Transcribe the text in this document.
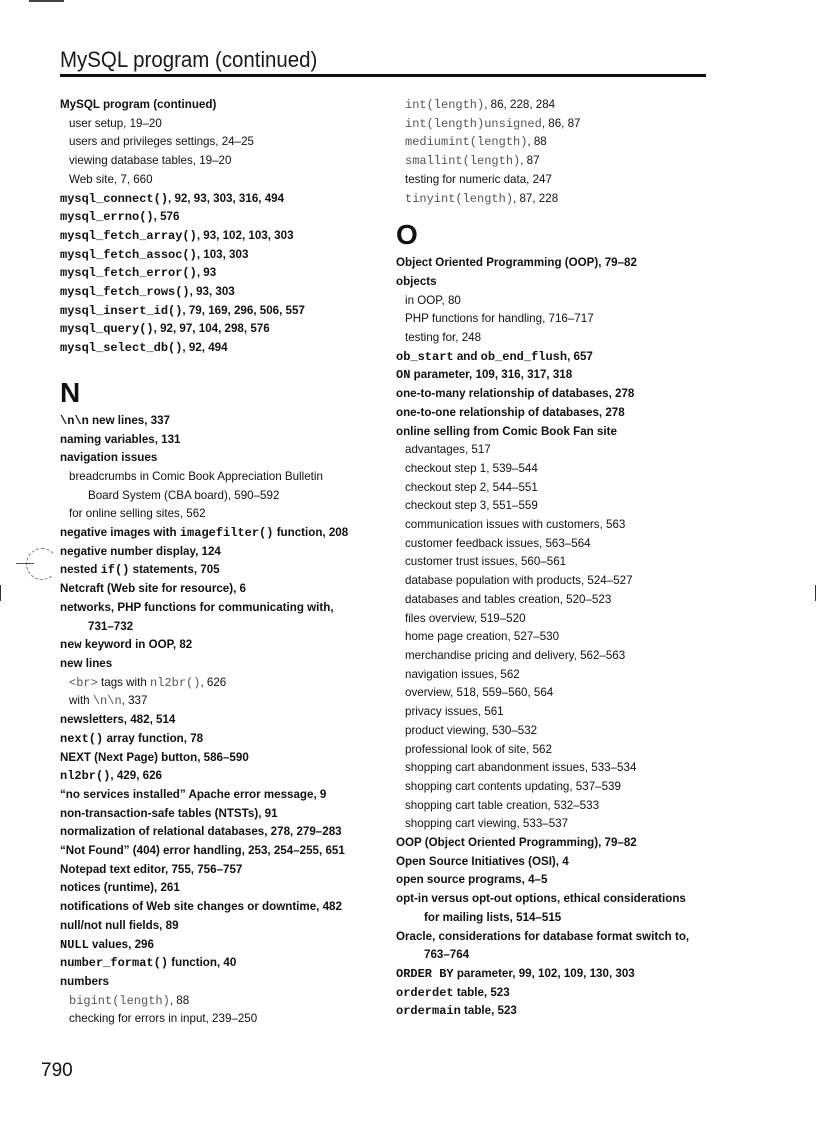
MySQL program (continued)
MySQL program (continued)
user setup, 19–20
users and privileges settings, 24–25
viewing database tables, 19–20
Web site, 7, 660
mysql_connect(), 92, 93, 303, 316, 494
mysql_errno(), 576
mysql_fetch_array(), 93, 102, 103, 303
mysql_fetch_assoc(), 103, 303
mysql_fetch_error(), 93
mysql_fetch_rows(), 93, 303
mysql_insert_id(), 79, 169, 296, 506, 557
mysql_query(), 92, 97, 104, 298, 576
mysql_select_db(), 92, 494
N
\n\n new lines, 337
naming variables, 131
navigation issues
breadcrumbs in Comic Book Appreciation Bulletin
Board System (CBA board), 590–592
for online selling sites, 562
negative images with imagefilter() function, 208
negative number display, 124
nested if() statements, 705
Netcraft (Web site for resource), 6
networks, PHP functions for communicating with,
731–732
new keyword in OOP, 82
new lines
<br> tags with nl2br(), 626
with \n\n, 337
newsletters, 482, 514
next() array function, 78
NEXT (Next Page) button, 586–590
nl2br(), 429, 626
“no services installed” Apache error message, 9
non-transaction-safe tables (NTSTs), 91
normalization of relational databases, 278, 279–283
“Not Found” (404) error handling, 253, 254–255, 651
Notepad text editor, 755, 756–757
notices (runtime), 261
notifications of Web site changes or downtime, 482
null/not null fields, 89
NULL values, 296
number_format() function, 40
numbers
bigint(length), 88
checking for errors in input, 239–250
int(length), 86, 228, 284
int(length)unsigned, 86, 87
mediumint(length), 88
smallint(length), 87
testing for numeric data, 247
tinyint(length), 87, 228
O
Object Oriented Programming (OOP), 79–82
objects
in OOP, 80
PHP functions for handling, 716–717
testing for, 248
ob_start and ob_end_flush, 657
ON parameter, 109, 316, 317, 318
one-to-many relationship of databases, 278
one-to-one relationship of databases, 278
online selling from Comic Book Fan site
advantages, 517
checkout step 1, 539–544
checkout step 2, 544–551
checkout step 3, 551–559
communication issues with customers, 563
customer feedback issues, 563–564
customer trust issues, 560–561
database population with products, 524–527
databases and tables creation, 520–523
files overview, 519–520
home page creation, 527–530
merchandise pricing and delivery, 562–563
navigation issues, 562
overview, 518, 559–560, 564
privacy issues, 561
product viewing, 530–532
professional look of site, 562
shopping cart abandonment issues, 533–534
shopping cart contents updating, 537–539
shopping cart table creation, 532–533
shopping cart viewing, 533–537
OOP (Object Oriented Programming), 79–82
Open Source Initiatives (OSI), 4
open source programs, 4–5
opt-in versus opt-out options, ethical considerations
for mailing lists, 514–515
Oracle, considerations for database format switch to,
763–764
ORDER BY parameter, 99, 102, 109, 130, 303
orderdet table, 523
ordermain table, 523
790
